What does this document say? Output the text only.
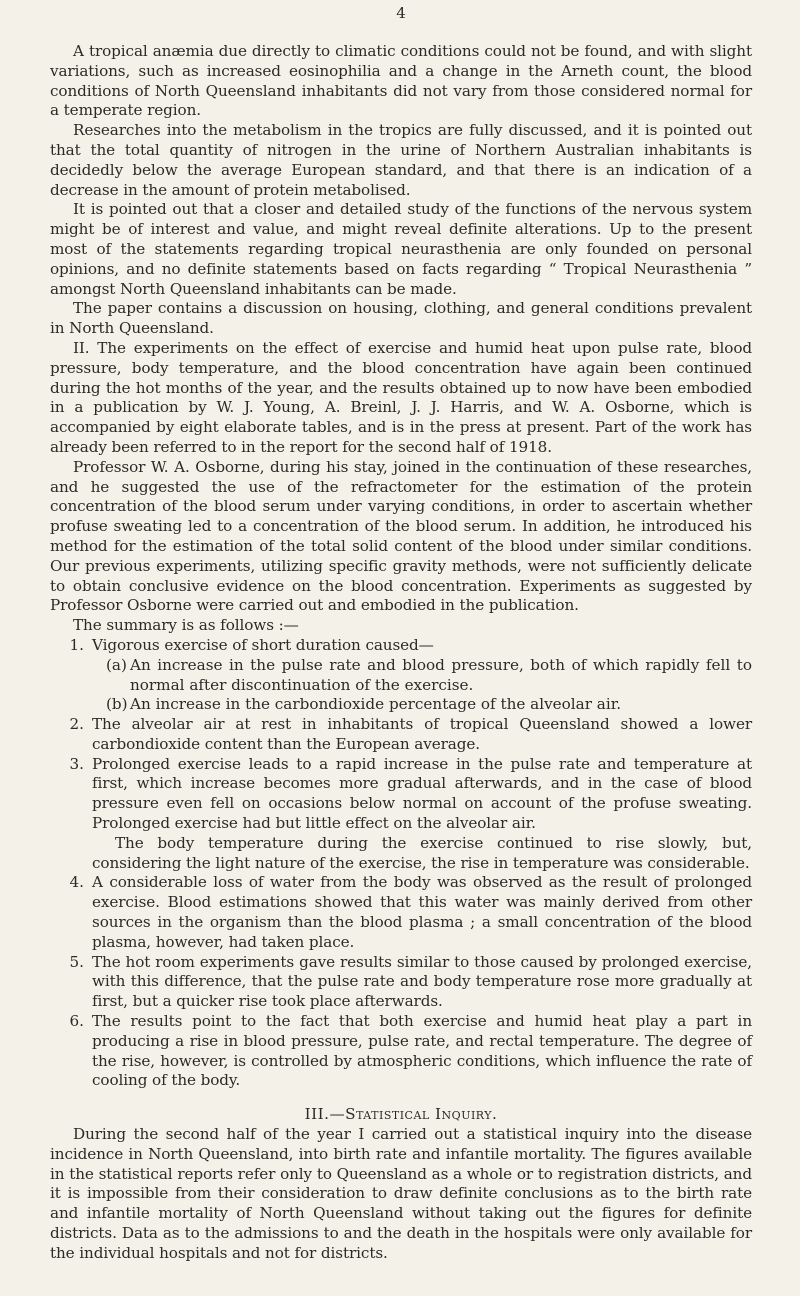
4

A tropical anæmia due directly to climatic conditions could not be found, and with slight variations, such as increased eosinophilia and a change in the Arneth count, the blood conditions of North Queensland inhabitants did not vary from those considered normal for a temperate region.

Researches into the metabolism in the tropics are fully discussed, and it is pointed out that the total quantity of nitrogen in the urine of Northern Australian inhabitants is decidedly below the average European standard, and that there is an indication of a decrease in the amount of protein metabolised.

It is pointed out that a closer and detailed study of the functions of the nervous system might be of interest and value, and might reveal definite alterations. Up to the present most of the statements regarding tropical neurasthenia are only founded on personal opinions, and no definite statements based on facts regarding “ Tropical Neurasthenia ” amongst North Queensland inhabitants can be made.

The paper contains a discussion on housing, clothing, and general conditions prevalent in North Queensland.

II. The experiments on the effect of exercise and humid heat upon pulse rate, blood pressure, body temperature, and the blood concentration have again been continued during the hot months of the year, and the results obtained up to now have been embodied in a publication by W. J. Young, A. Breinl, J. J. Harris, and W. A. Osborne, which is accompanied by eight elaborate tables, and is in the press at present. Part of the work has already been referred to in the report for the second half of 1918.

Professor W. A. Osborne, during his stay, joined in the continuation of these researches, and he suggested the use of the refractometer for the estimation of the protein concentration of the blood serum under varying conditions, in order to ascertain whether profuse sweating led to a concentration of the blood serum. In addition, he introduced his method for the estimation of the total solid content of the blood under similar conditions. Our previous experiments, utilizing specific gravity methods, were not sufficiently delicate to obtain conclusive evidence on the blood concentration. Experiments as suggested by Professor Osborne were carried out and embodied in the publication.

The summary is as follows :—

1. Vigorous exercise of short duration caused—

(a) An increase in the pulse rate and blood pressure, both of which rapidly fell to normal after discontinuation of the exercise.
(b) An increase in the carbondioxide percentage of the alveolar air.
2. The alveolar air at rest in inhabitants of tropical Queensland showed a lower carbondioxide content than the European average.

3. Prolonged exercise leads to a rapid increase in the pulse rate and temperature at first, which increase becomes more gradual afterwards, and in the case of blood pressure even fell on occasions below normal on account of the profuse sweating. Prolonged exercise had but little effect on the alveolar air.

The body temperature during the exercise continued to rise slowly, but, considering the light nature of the exercise, the rise in temperature was considerable.

4. A considerable loss of water from the body was observed as the result of prolonged exercise. Blood estimations showed that this water was mainly derived from other sources in the organism than the blood plasma ; a small concentration of the blood plasma, however, had taken place.

5. The hot room experiments gave results similar to those caused by prolonged exercise, with this difference, that the pulse rate and body temperature rose more gradually at first, but a quicker rise took place afterwards.

6. The results point to the fact that both exercise and humid heat play a part in producing a rise in blood pressure, pulse rate, and rectal temperature. The degree of the rise, however, is controlled by atmospheric conditions, which influence the rate of cooling of the body.

III.—Statistical Inquiry.

During the second half of the year I carried out a statistical inquiry into the disease incidence in North Queensland, into birth rate and infantile mortality. The figures available in the statistical reports refer only to Queensland as a whole or to registration districts, and it is impossible from their consideration to draw definite conclusions as to the birth rate and infantile mortality of North Queensland without taking out the figures for definite districts. Data as to the admissions to and the death in the hospitals were only available for the individual hospitals and not for districts.
